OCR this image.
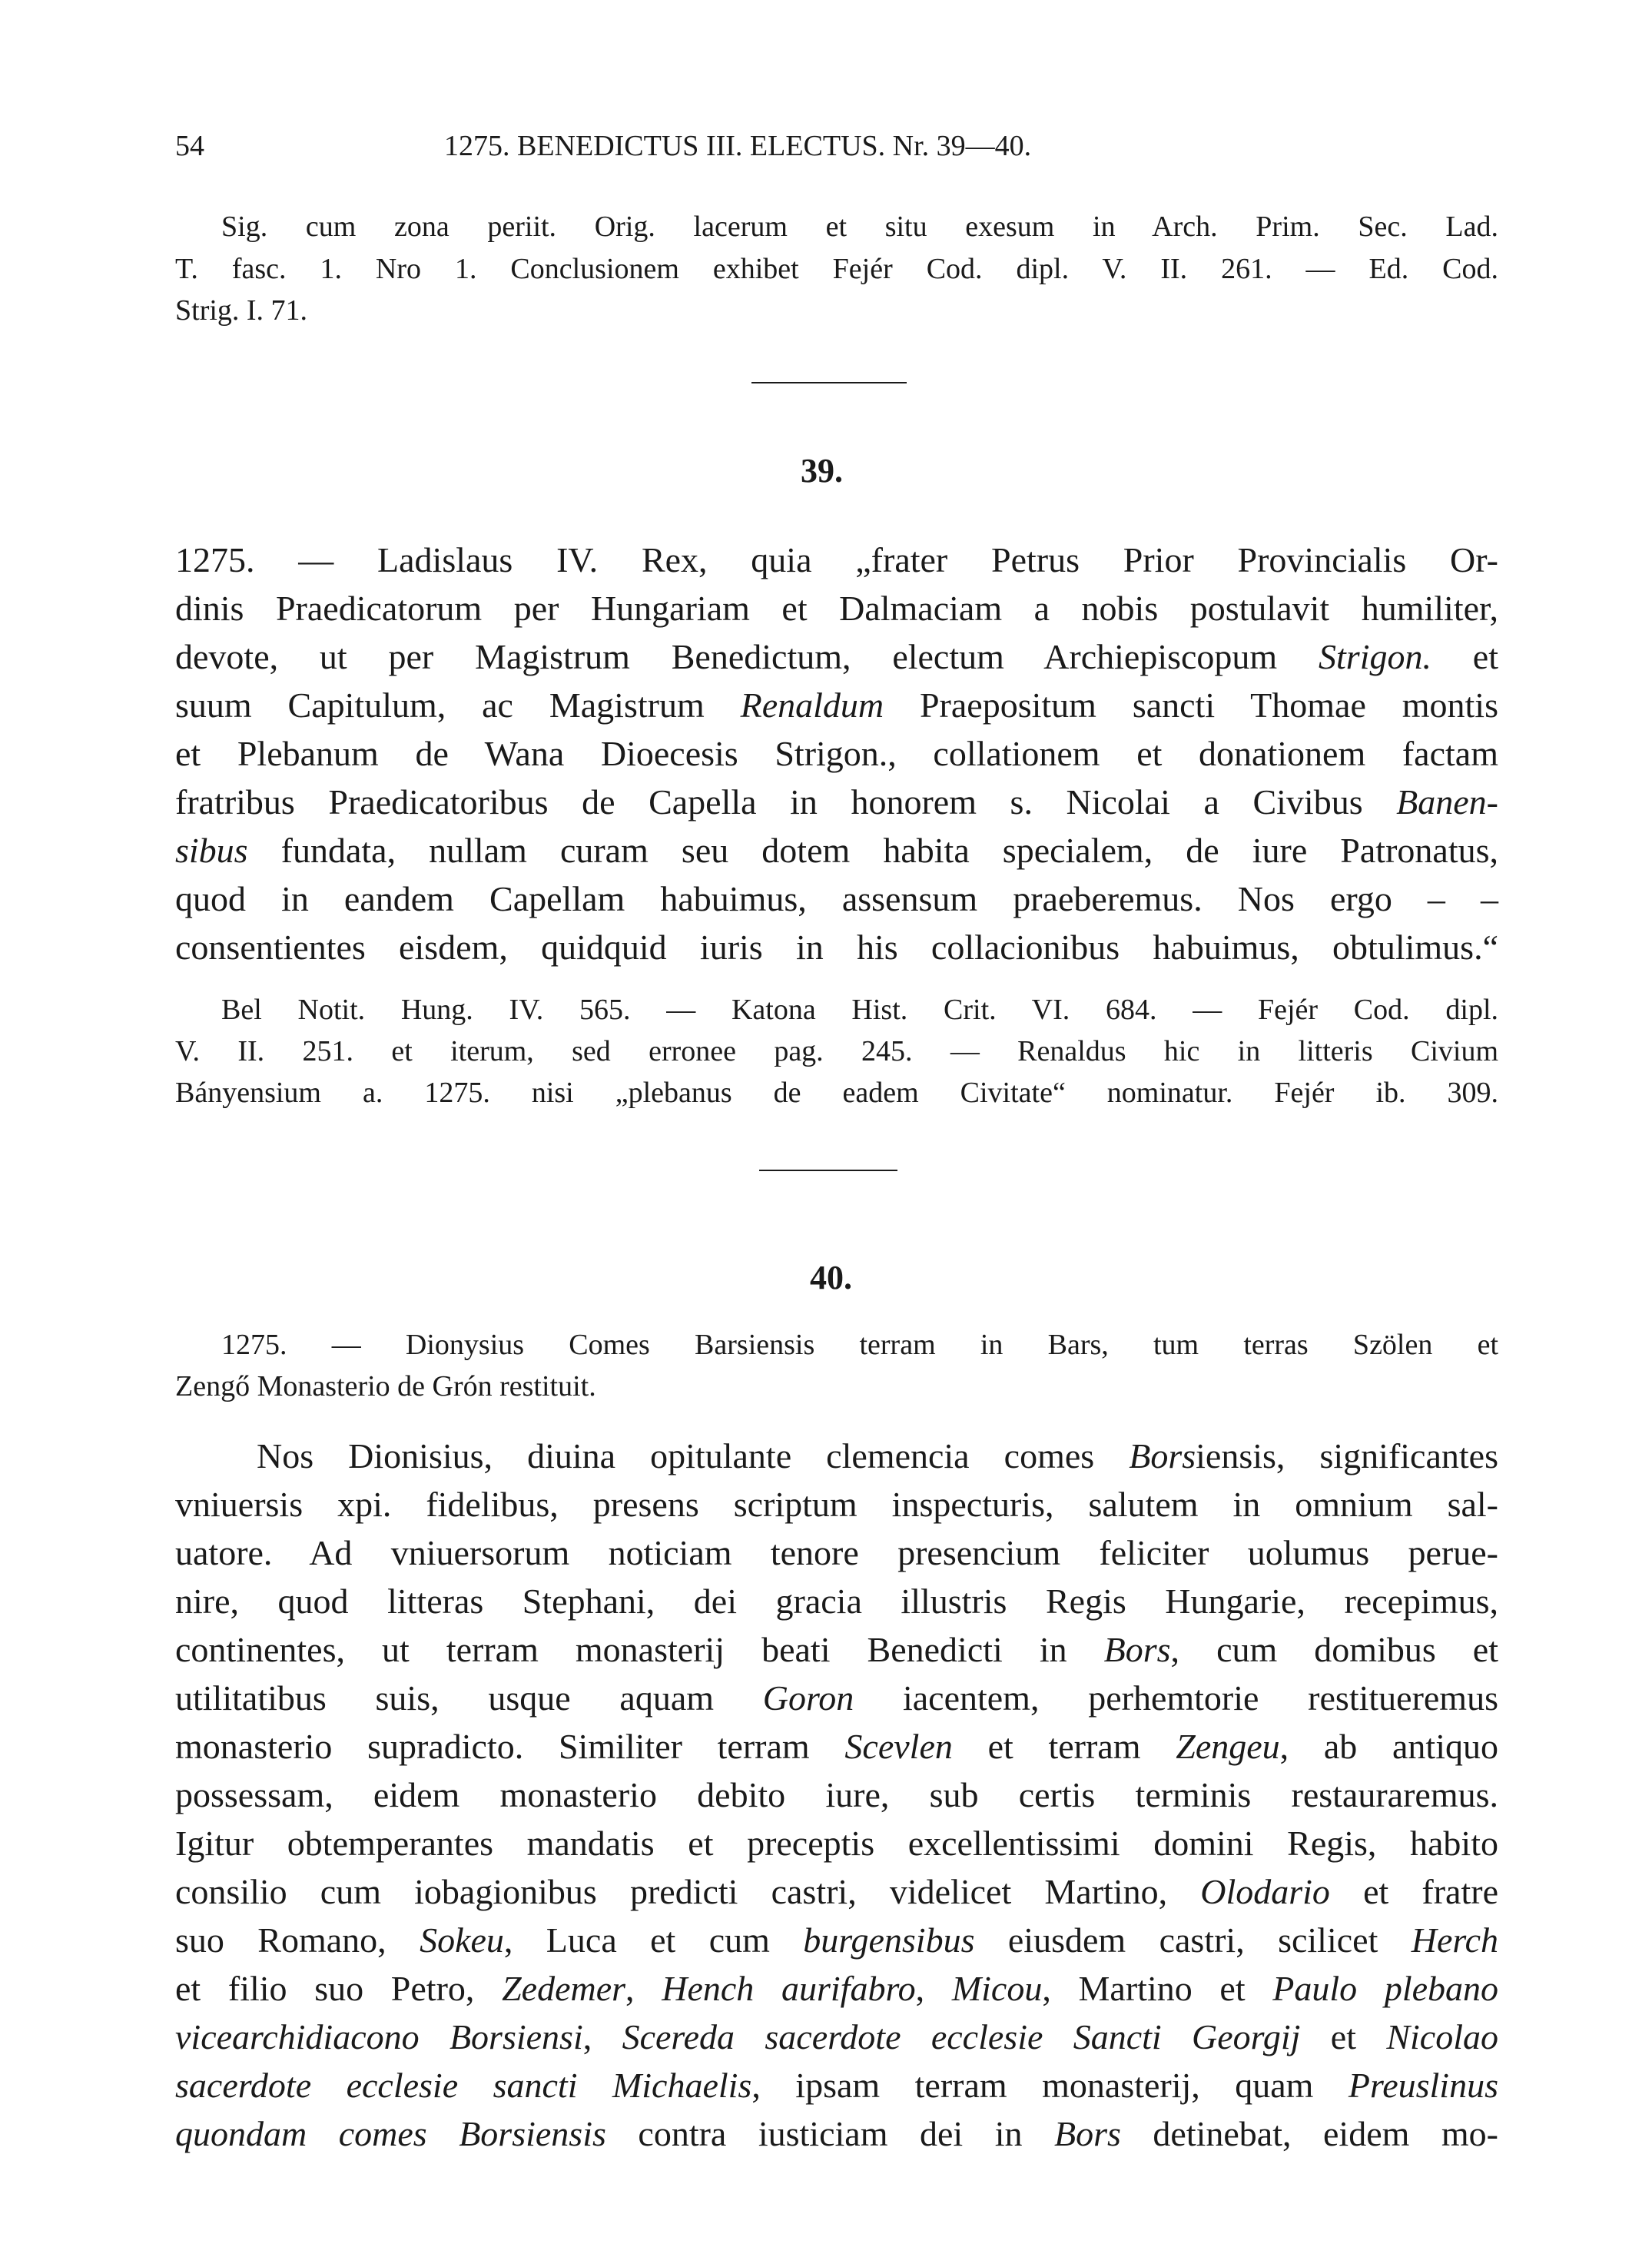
54	1275. BENEDICTUS III. ELECTUS. Nr. 39—40.
Sig. cum zona periit. Orig. lacerum et situ exesum in Arch. Prim. Sec. Lad.
T. fasc. 1. Nro 1. Conclusionem exhibet Fejér Cod. dipl. V. II. 261. — Ed. Cod.
Strig. I. 71.
39.
1275. — Ladislaus IV. Rex, quia „frater Petrus Prior Provincialis Or-
dinis Praedicatorum per Hungariam et Dalmaciam a nobis postulavit humiliter,
devote, ut per Magistrum Benedictum, electum Archiepiscopum Strigon. et
suum Capitulum, ac Magistrum Renaldum Praepositum sancti Thomae montis
et Plebanum de Wana Dioecesis Strigon., collationem et donationem factam
fratribus Praedicatoribus de Capella in honorem s. Nicolai a Civibus Banen-
sibus fundata, nullam curam seu dotem habita specialem, de iure Patronatus,
quod in eandem Capellam habuimus, assensum praeberemus. Nos ergo – –
consentientes eisdem, quidquid iuris in his collacionibus habuimus, obtulimus.“
Bel Notit. Hung. IV. 565. — Katona Hist. Crit. VI. 684. — Fejér Cod. dipl.
V. II. 251. et iterum, sed erronee pag. 245. — Renaldus hic in litteris Civium
Bányensium a. 1275. nisi „plebanus de eadem Civitate“ nominatur. Fejér ib. 309.
40.
1275. — Dionysius Comes Barsiensis terram in Bars, tum terras Szölen et
Zengő Monasterio de Grón restituit.
Nos Dionisius, diuina opitulante clemencia comes Borsiensis, significantes
vniuersis xpi. fidelibus, presens scriptum inspecturis, salutem in omnium sal-
uatore. Ad vniuersorum noticiam tenore presencium feliciter uolumus perue-
nire, quod litteras Stephani, dei gracia illustris Regis Hungarie, recepimus,
continentes, ut terram monasterij beati Benedicti in Bors, cum domibus et
utilitatibus suis, usque aquam Goron iacentem, perhemtorie restitueremus
monasterio supradicto. Similiter terram Scevlen et terram Zengeu, ab antiquo
possessam, eidem monasterio debito iure, sub certis terminis restauraremus.
Igitur obtemperantes mandatis et preceptis excellentissimi domini Regis, habito
consilio cum iobagionibus predicti castri, videlicet Martino, Olodario et fratre
suo Romano, Sokeu, Luca et cum burgensibus eiusdem castri, scilicet Herch
et filio suo Petro, Zedemer, Hench aurifabro, Micou, Martino et Paulo plebano
vicearchidiacono Borsiensi, Scereda sacerdote ecclesie Sancti Georgij et Nicolao
sacerdote ecclesie sancti Michaelis, ipsam terram monasterij, quam Preuslinus
quondam comes Borsiensis contra iusticiam dei in Bors detinebat, eidem mo-
